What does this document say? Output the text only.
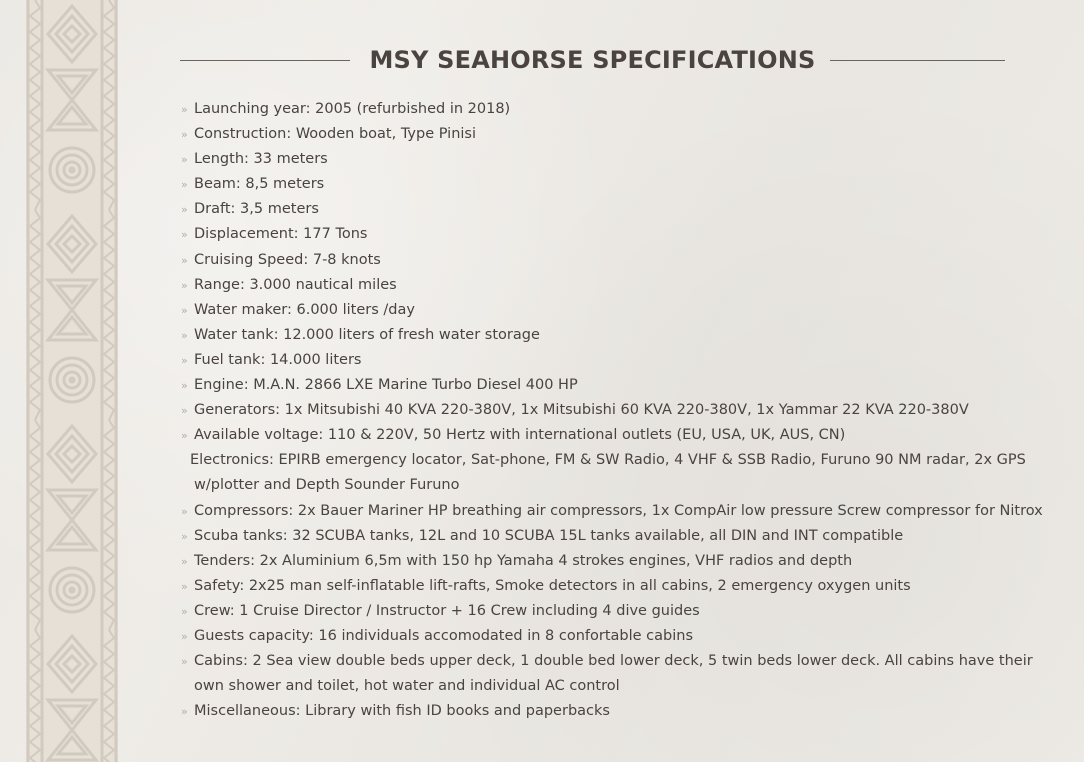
MSY SEAHORSE SPECIFICATIONS
» Launching year: 2005 (refurbished in 2018)
» Construction: Wooden boat, Type Pinisi
» Length: 33 meters
» Beam: 8,5 meters
» Draft: 3,5 meters
» Displacement: 177 Tons
» Cruising Speed: 7-8 knots
» Range: 3.000 nautical miles
» Water maker: 6.000 liters /day
» Water tank: 12.000 liters of fresh water storage
» Fuel tank: 14.000 liters
» Engine: M.A.N. 2866 LXE Marine Turbo Diesel 400 HP
» Generators: 1x Mitsubishi 40 KVA 220-380V, 1x Mitsubishi 60 KVA 220-380V, 1x Yammar 22 KVA 220-380V
» Available voltage: 110 & 220V, 50 Hertz with international outlets (EU, USA, UK, AUS, CN)
Electronics: EPIRB emergency locator, Sat-phone, FM & SW Radio, 4 VHF & SSB Radio, Furuno 90 NM radar, 2x GPS w/plotter and Depth Sounder Furuno
» Compressors: 2x Bauer Mariner HP breathing air compressors, 1x CompAir low pressure Screw compressor for Nitrox
» Scuba tanks: 32 SCUBA tanks, 12L and 10 SCUBA 15L tanks available, all DIN and INT compatible
» Tenders: 2x Aluminium 6,5m with 150 hp Yamaha 4 strokes engines, VHF radios and depth
» Safety: 2x25 man self-inflatable lift-rafts, Smoke detectors in all cabins, 2 emergency oxygen units
» Crew: 1 Cruise Director / Instructor + 16 Crew including 4 dive guides
» Guests capacity: 16 individuals accomodated in 8 confortable cabins
» Cabins: 2 Sea view double beds upper deck, 1 double bed lower deck, 5 twin beds lower deck. All cabins have their own shower and toilet, hot water and individual AC control
» Miscellaneous: Library with fish ID books and paperbacks
